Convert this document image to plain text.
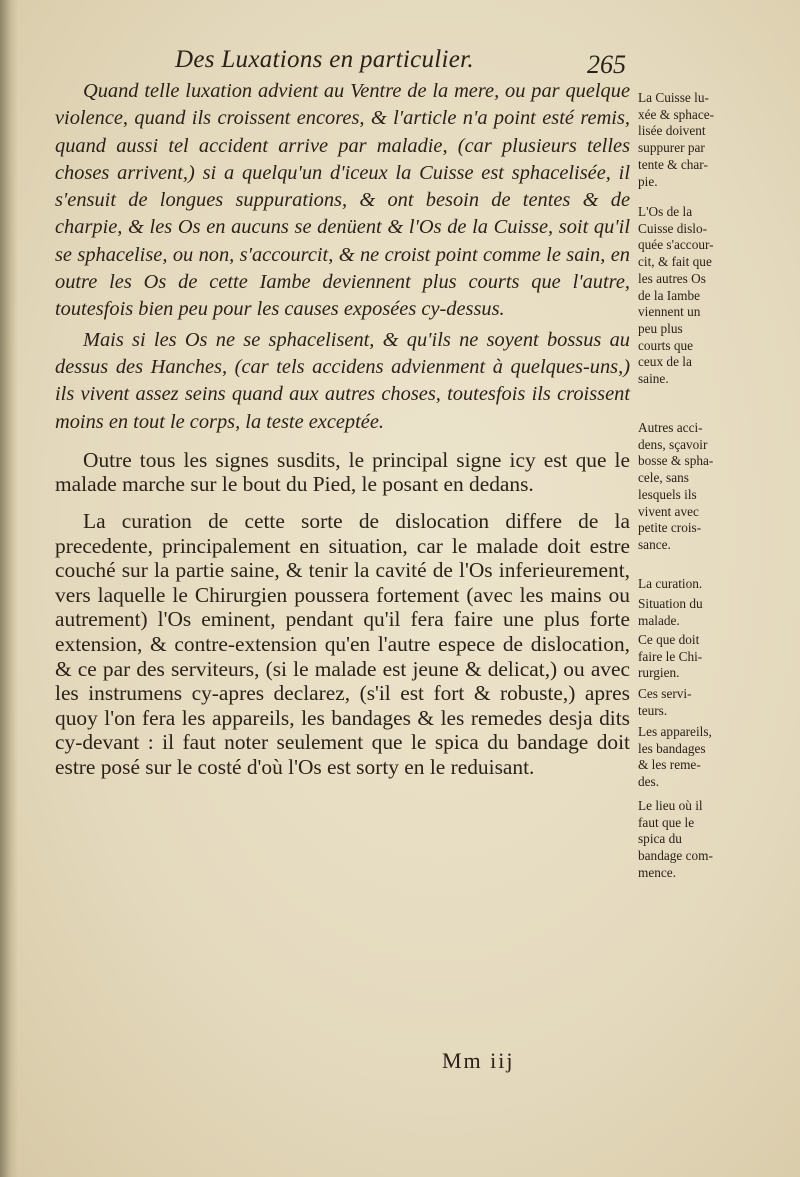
Des Luxations en particulier.	265

Quand telle luxation advient au Ventre de la mere, ou par quelque violence, quand ils croissent encores, & l'article n'a point esté remis, quand aussi tel accident arrive par maladie, (car plusieurs telles choses arrivent,) si a quelqu'un d'iceux la Cuisse est sphacelisée, il s'ensuit de longues suppurations, & ont besoin de tentes & de charpie, & les Os en aucuns se denüent & l'Os de la Cuisse, soit qu'il se sphacelise, ou non, s'accourcit, & ne croist point comme le sain, en outre les Os de cette Iambe deviennent plus courts que l'autre, toutesfois bien peu pour les causes exposées cy-dessus.

Mais si les Os ne se sphacelisent, & qu'ils ne soyent bossus au dessus des Hanches, (car tels accidens advienment à quelques-uns,) ils vivent assez seins quand aux autres choses, toutesfois ils croissent moins en tout le corps, la teste exceptée.

Outre tous les signes susdits, le principal signe icy est que le malade marche sur le bout du Pied, le posant en dedans.

La curation de cette sorte de dislocation differe de la precedente, principalement en situation, car le malade doit estre couché sur la partie saine, & tenir la cavité de l'Os inferieurement, vers laquelle le Chirurgien poussera fortement (avec les mains ou autrement) l'Os eminent, pendant qu'il fera faire une plus forte extension, & contre-extension qu'en l'autre espece de dislocation, & ce par des serviteurs, (si le malade est jeune & delicat,) ou avec les instrumens cy-apres declarez, (s'il est fort & robuste,) apres quoy l'on fera les appareils, les bandages & les remedes desja dits cy-devant : il faut noter seulement que le spica du bandage doit estre posé sur le costé d'où l'Os est sorty en le reduisant.

La Cuisse lu-

xée & sphace-

lisée doivent

suppurer par

tente & char-

pie.

L'Os de la

Cuisse dislo-

quée s'accour-

cit, & fait que

les autres Os

de la Iambe

viennent un

peu plus

courts que

ceux de la

saine.

Autres acci-

dens, sçavoir

bosse & spha-

cele, sans

lesquels ils

vivent avec

petite crois-

sance.

La curation.

Situation du

malade.

Ce que doit

faire le Chi-

rurgien.

Ces servi-

teurs.

Les appareils,

les bandages

& les reme-

des.

Le lieu où il

faut que le

spica du

bandage com-

mence.

Mm iij
